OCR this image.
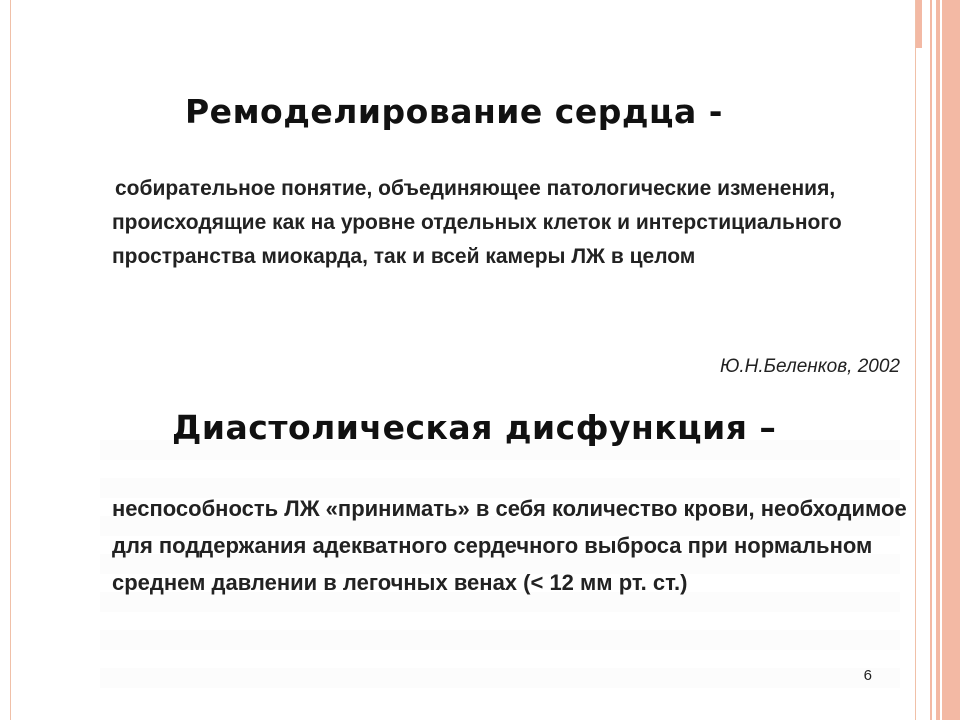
Ремоделирование сердца -

собирательное понятие, объединяющее патологические изменения, происходящие как на уровне отдельных клеток и интерстициального пространства миокарда, так и всей камеры ЛЖ в целом

Ю.Н.Беленков, 2002

Диастолическая дисфункция –

неспособность ЛЖ «принимать» в себя количество крови, необходимое для поддержания адекватного сердечного выброса при нормальном среднем давлении в легочных венах (< 12 мм рт. ст.)

6
